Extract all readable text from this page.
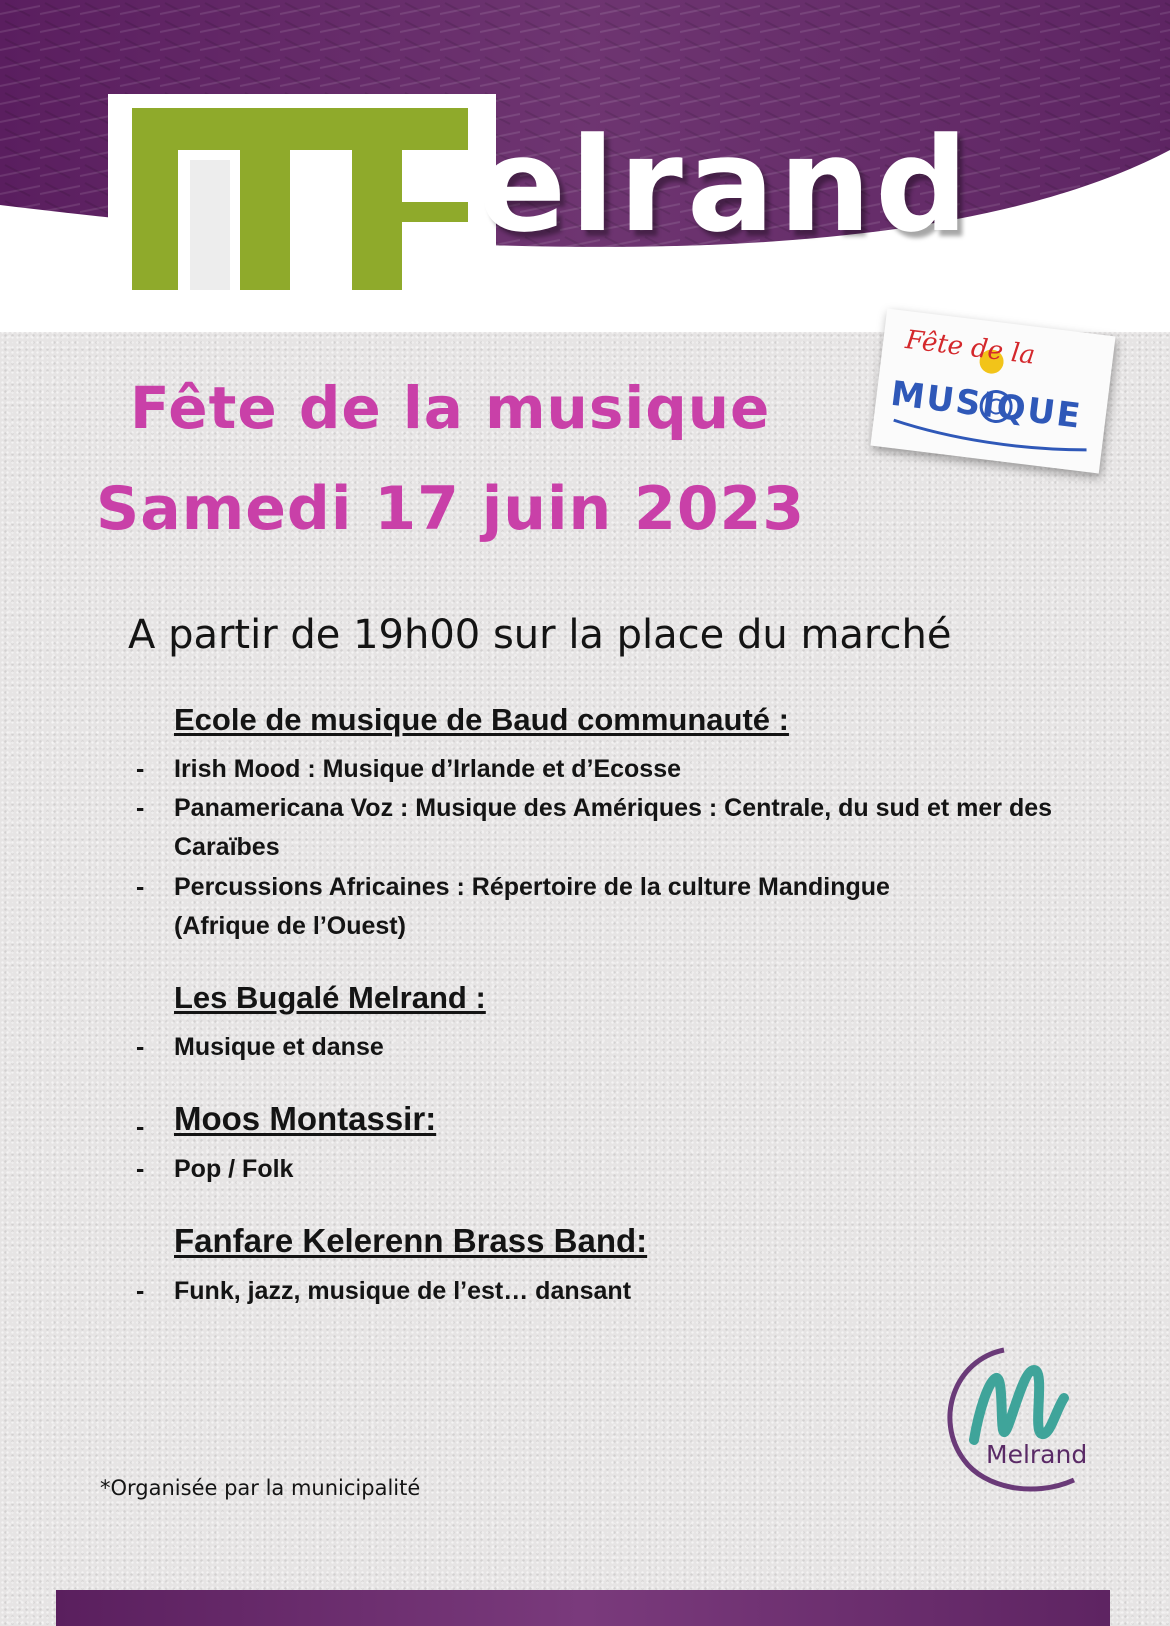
elrand
Fête de la
MUSIQUE
Fête de la musique
Samedi 17 juin 2023

A partir de 19h00 sur la place du marché

Ecole de musique de Baud communauté :

- Irish Mood : Musique d’Irlande et d’Ecosse
- Panamericana Voz : Musique des Amériques : Centrale, du sud et mer des Caraïbes
- Percussions Africaines : Répertoire de la culture Mandingue (Afrique de l’Ouest)

Les Bugalé Melrand :

- Musique et danse
- Moos Montassir:

- Pop / Folk

Fanfare Kelerenn Brass Band:

- Funk, jazz, musique de l’est… dansant
Melrand

*Organisée par la municipalité
